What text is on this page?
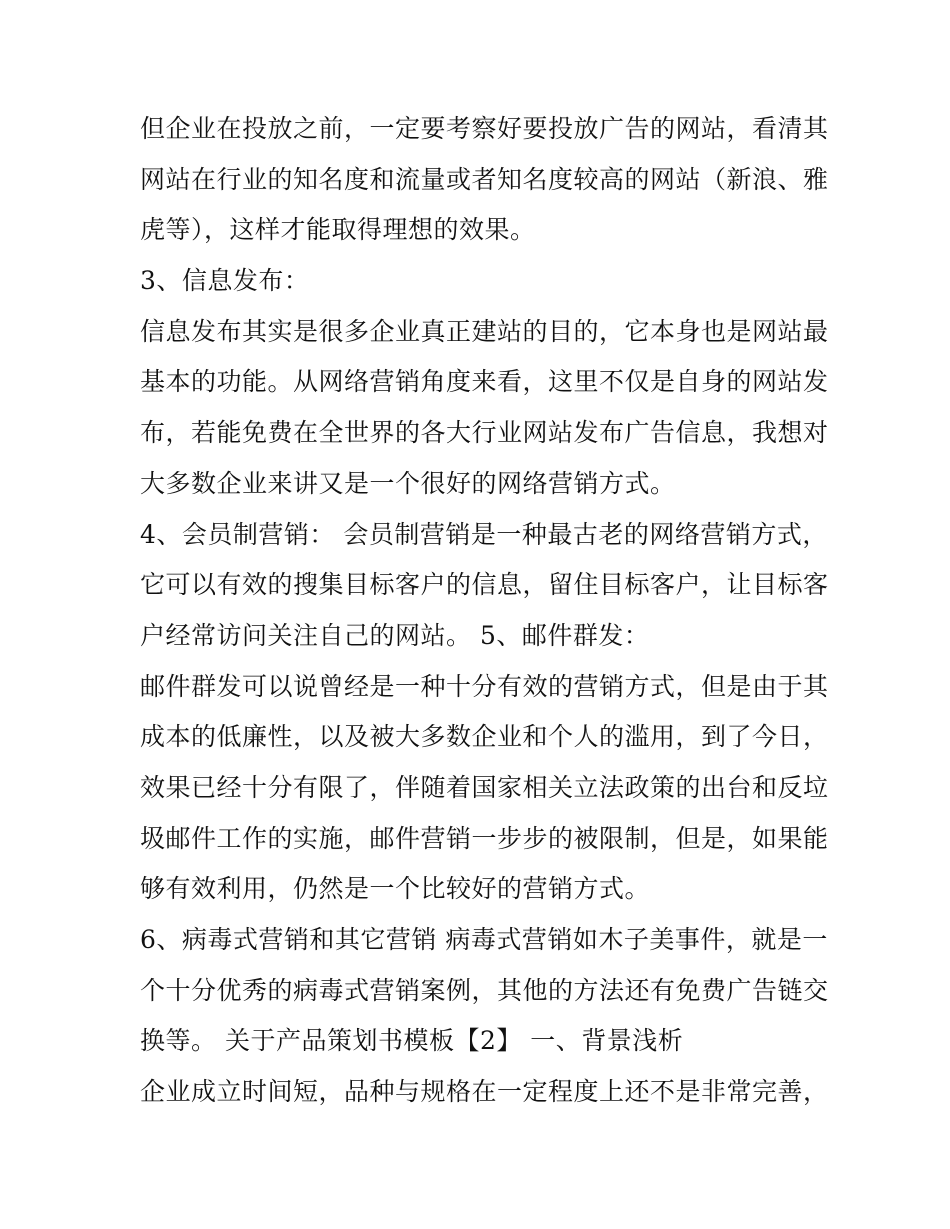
但企业在投放之前，一定要考察好要投放广告的网站，看清其

网站在行业的知名度和流量或者知名度较高的网站（新浪、雅

虎等），这样才能取得理想的效果。

3、信息发布：

信息发布其实是很多企业真正建站的目的，它本身也是网站最

基本的功能。从网络营销角度来看，这里不仅是自身的网站发

布，若能免费在全世界的各大行业网站发布广告信息，我想对

大多数企业来讲又是一个很好的网络营销方式。

4、会员制营销： 会员制营销是一种最古老的网络营销方式，

它可以有效的搜集目标客户的信息，留住目标客户，让目标客

户经常访问关注自己的网站。 5、邮件群发：

邮件群发可以说曾经是一种十分有效的营销方式，但是由于其

成本的低廉性，以及被大多数企业和个人的滥用，到了今日，

效果已经十分有限了，伴随着国家相关立法政策的出台和反垃

圾邮件工作的实施，邮件营销一步步的被限制，但是，如果能

够有效利用，仍然是一个比较好的营销方式。

6、病毒式营销和其它营销 病毒式营销如木子美事件，就是一

个十分优秀的病毒式营销案例，其他的方法还有免费广告链交

换等。 关于产品策划书模板【2】 一、背景浅析

企业成立时间短，品种与规格在一定程度上还不是非常完善，
